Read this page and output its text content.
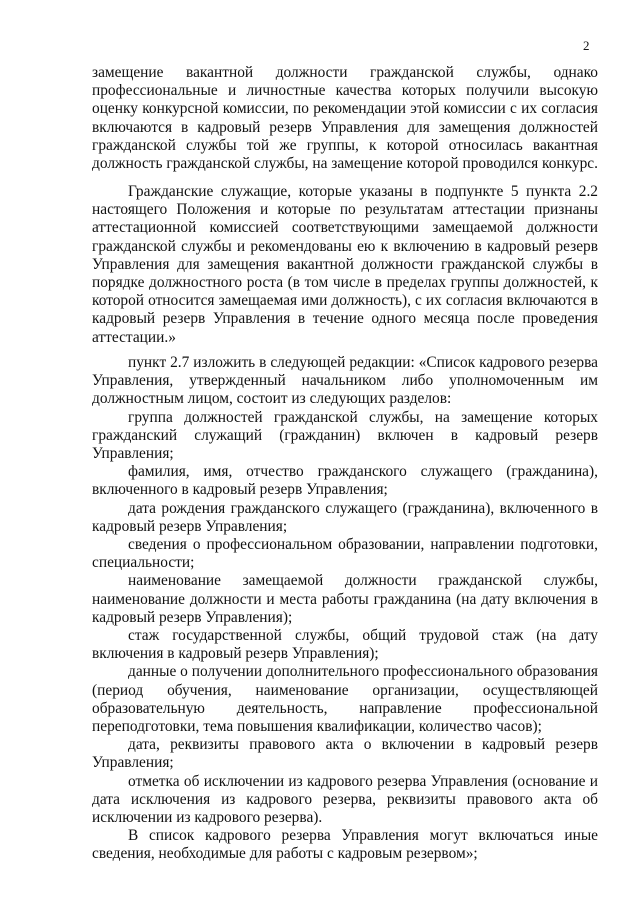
2

замещение вакантной должности гражданской службы, однако профессиональные и личностные качества которых получили высокую оценку конкурсной комиссии, по рекомендации этой комиссии с их согласия включаются в кадровый резерв Управления для замещения должностей гражданской службы той же группы, к которой относилась вакантная должность гражданской службы, на замещение которой проводился конкурс.

Гражданские служащие, которые указаны в подпункте 5 пункта 2.2 настоящего Положения и которые по результатам аттестации признаны аттестационной комиссией соответствующими замещаемой должности гражданской службы и рекомендованы ею к включению в кадровый резерв Управления для замещения вакантной должности гражданской службы в порядке должностного роста (в том числе в пределах группы должностей, к которой относится замещаемая ими должность), с их согласия включаются в кадровый резерв Управления в течение одного месяца после проведения аттестации.»

пункт 2.7 изложить в следующей редакции: «Список кадрового резерва Управления, утвержденный начальником либо уполномоченным им должностным лицом, состоит из следующих разделов:

группа должностей гражданской службы, на замещение которых гражданский служащий (гражданин) включен в кадровый резерв Управления;

фамилия, имя, отчество гражданского служащего (гражданина), включенного в кадровый резерв Управления;

дата рождения гражданского служащего (гражданина), включенного в кадровый резерв Управления;

сведения о профессиональном образовании, направлении подготовки, специальности;

наименование замещаемой должности гражданской службы, наименование должности и места работы гражданина (на дату включения в кадровый резерв Управления);

стаж государственной службы, общий трудовой стаж (на дату включения в кадровый резерв Управления);

данные о получении дополнительного профессионального образования (период обучения, наименование организации, осуществляющей образовательную деятельность, направление профессиональной переподготовки, тема повышения квалификации, количество часов);

дата, реквизиты правового акта о включении в кадровый резерв Управления;

отметка об исключении из кадрового резерва Управления (основание и дата исключения из кадрового резерва, реквизиты правового акта об исключении из кадрового резерва).

В список кадрового резерва Управления могут включаться иные сведения, необходимые для работы с кадровым резервом»;
